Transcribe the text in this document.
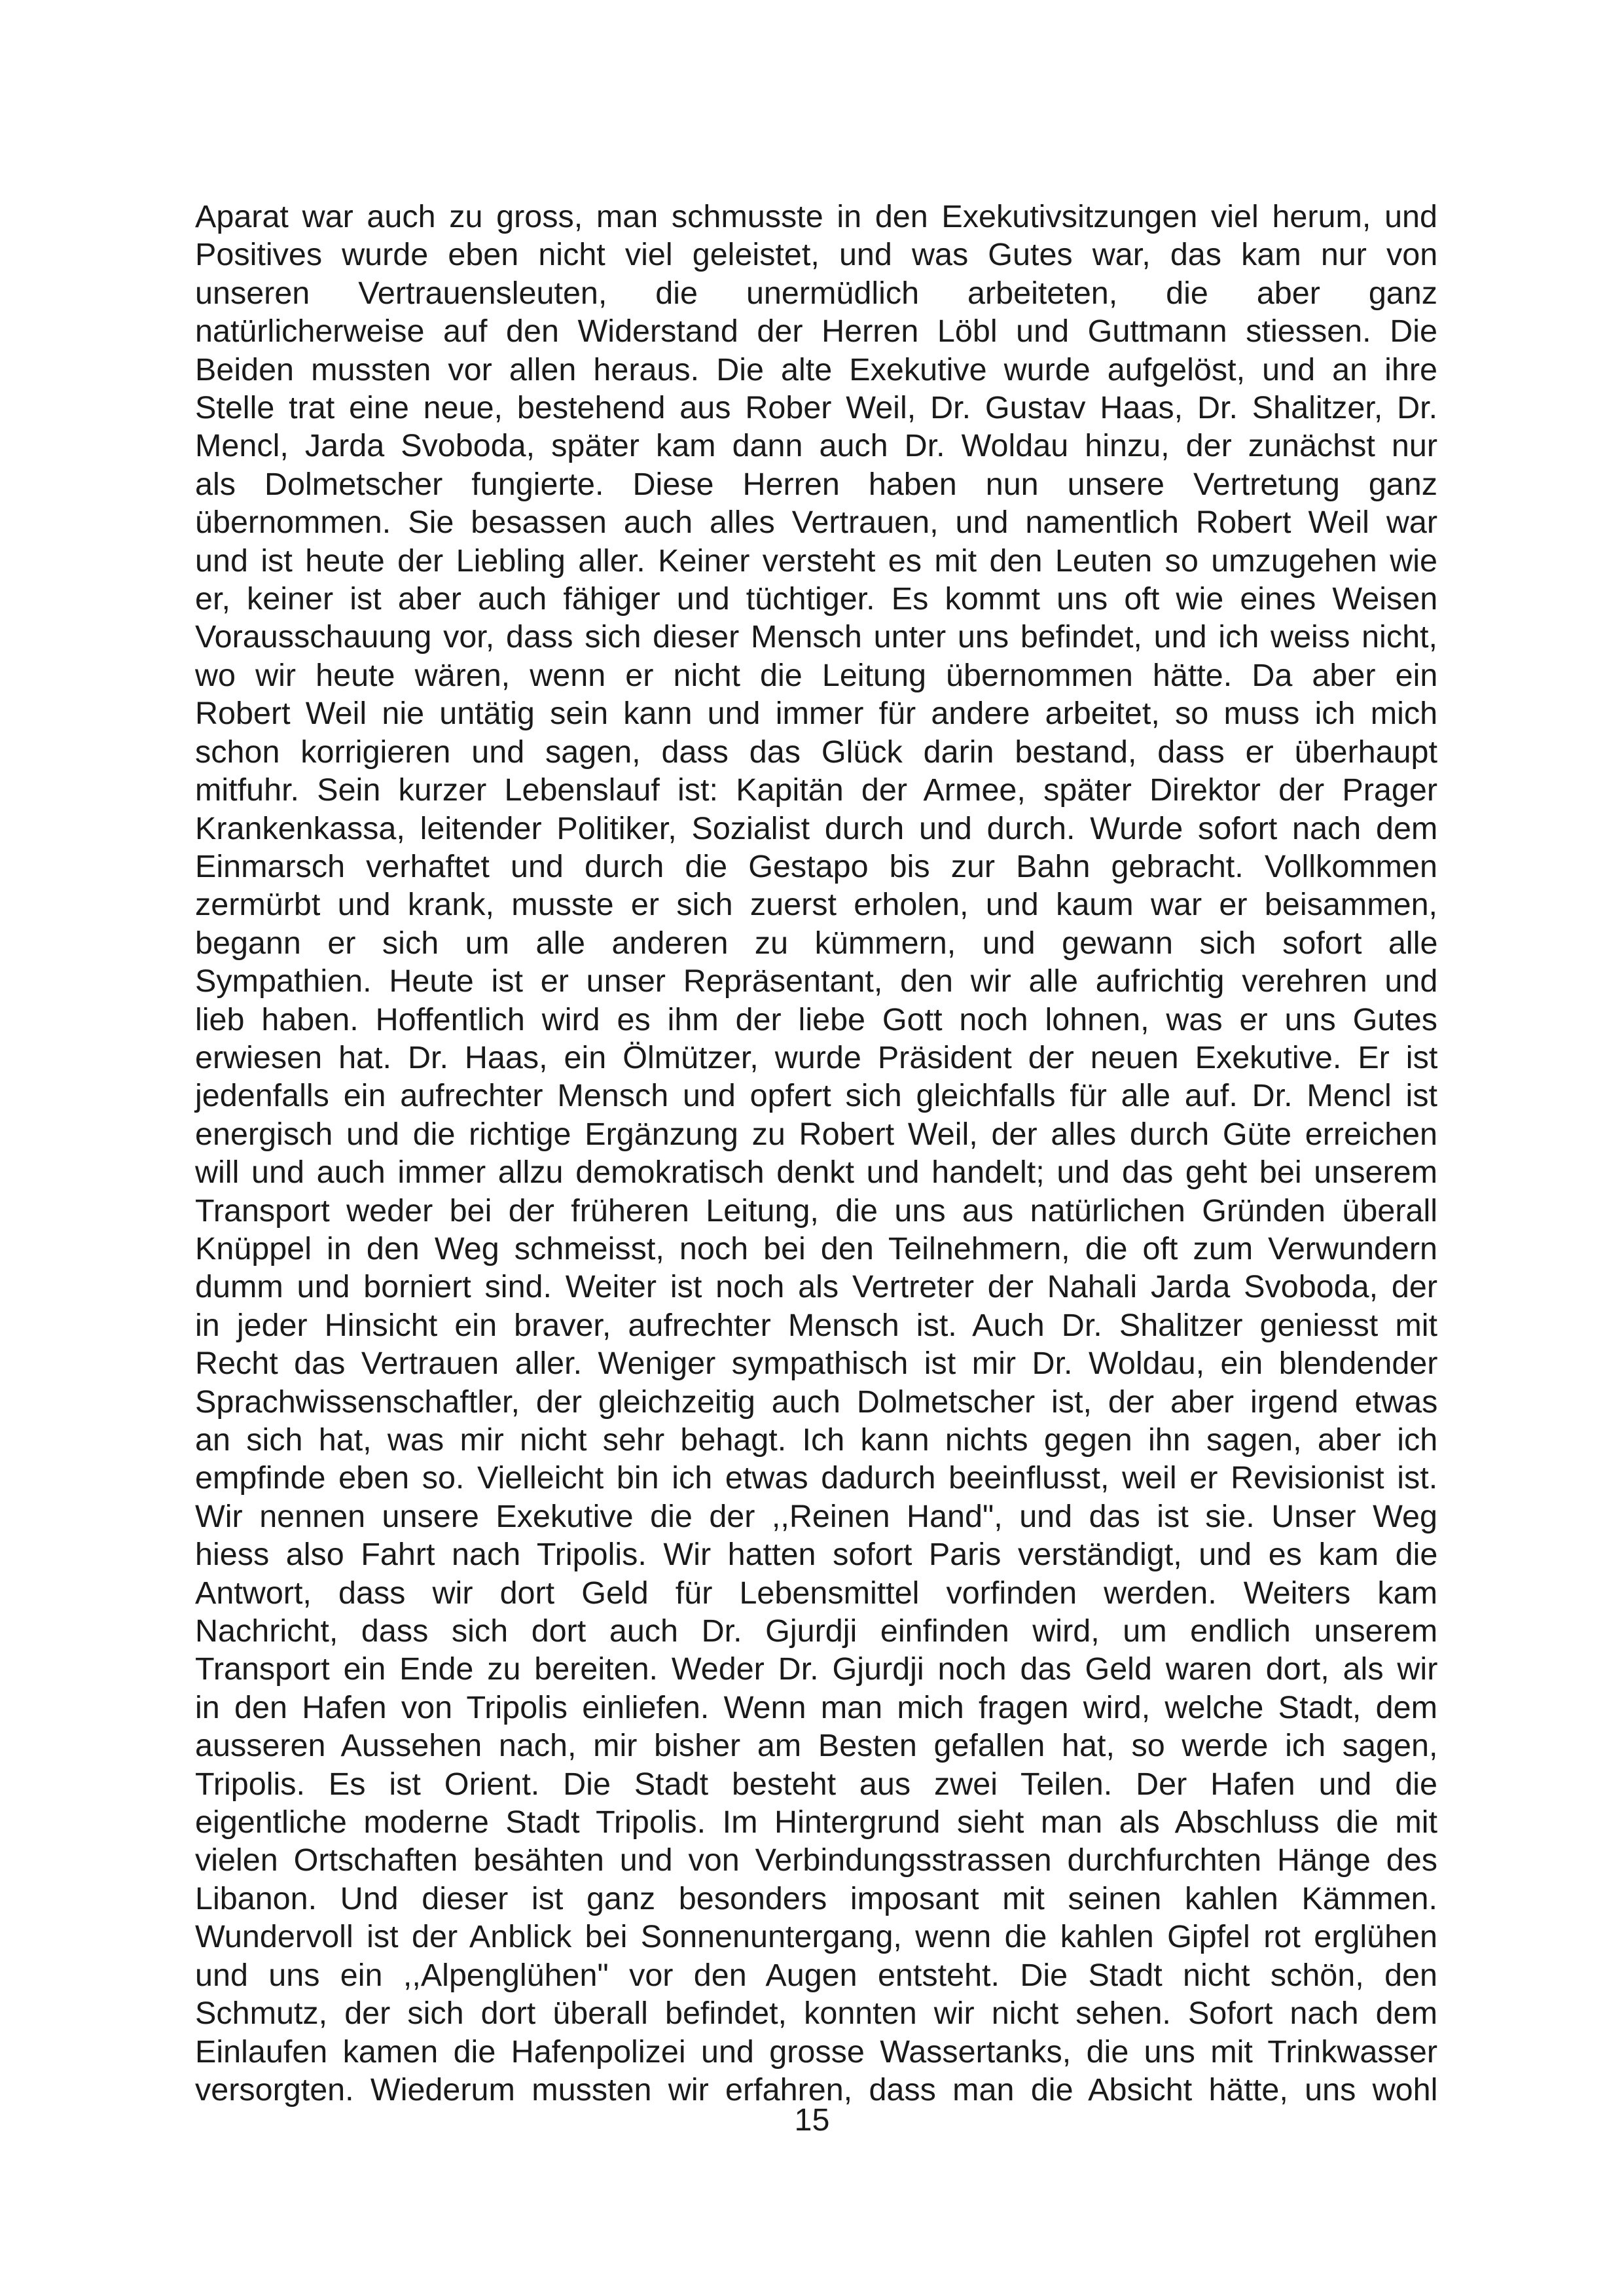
Aparat war auch zu gross, man schmusste in den Exekutivsitzungen viel herum, und
Positives wurde eben nicht viel geleistet, und was Gutes war, das kam nur von
unseren Vertrauensleuten, die unermüdlich arbeiteten, die aber ganz
natürlicherweise auf den Widerstand der Herren Löbl und Guttmann stiessen. Die
Beiden mussten vor allen heraus. Die alte Exekutive wurde aufgelöst, und an ihre
Stelle trat eine neue, bestehend aus Rober Weil, Dr. Gustav Haas, Dr. Shalitzer, Dr.
Mencl, Jarda Svoboda, später kam dann auch Dr. Woldau hinzu, der zunächst nur
als Dolmetscher fungierte. Diese Herren haben nun unsere Vertretung ganz
übernommen. Sie besassen auch alles Vertrauen, und namentlich Robert Weil war
und ist heute der Liebling aller. Keiner versteht es mit den Leuten so umzugehen wie
er, keiner ist aber auch fähiger und tüchtiger. Es kommt uns oft wie eines Weisen
Vorausschauung vor, dass sich dieser Mensch unter uns befindet, und ich weiss nicht,
wo wir heute wären, wenn er nicht die Leitung übernommen hätte. Da aber ein
Robert Weil nie untätig sein kann und immer für andere arbeitet, so muss ich mich
schon korrigieren und sagen, dass das Glück darin bestand, dass er überhaupt
mitfuhr. Sein kurzer Lebenslauf ist: Kapitän der Armee, später Direktor der Prager
Krankenkassa, leitender Politiker, Sozialist durch und durch. Wurde sofort nach dem
Einmarsch verhaftet und durch die Gestapo bis zur Bahn gebracht. Vollkommen
zermürbt und krank, musste er sich zuerst erholen, und kaum war er beisammen,
begann er sich um alle anderen zu kümmern, und gewann sich sofort alle
Sympathien. Heute ist er unser Repräsentant, den wir alle aufrichtig verehren und
lieb haben. Hoffentlich wird es ihm der liebe Gott noch lohnen, was er uns Gutes
erwiesen hat. Dr. Haas, ein Ölmützer, wurde Präsident der neuen Exekutive. Er ist
jedenfalls ein aufrechter Mensch und opfert sich gleichfalls für alle auf. Dr. Mencl ist
energisch und die richtige Ergänzung zu Robert Weil, der alles durch Güte erreichen
will und auch immer allzu demokratisch denkt und handelt; und das geht bei unserem
Transport weder bei der früheren Leitung, die uns aus natürlichen Gründen überall
Knüppel in den Weg schmeisst, noch bei den Teilnehmern, die oft zum Verwundern
dumm und borniert sind. Weiter ist noch als Vertreter der Nahali Jarda Svoboda, der
in jeder Hinsicht ein braver, aufrechter Mensch ist. Auch Dr. Shalitzer geniesst mit
Recht das Vertrauen aller. Weniger sympathisch ist mir Dr. Woldau, ein blendender
Sprachwissenschaftler, der gleichzeitig auch Dolmetscher ist, der aber irgend etwas
an sich hat, was mir nicht sehr behagt. Ich kann nichts gegen ihn sagen, aber ich
empfinde eben so. Vielleicht bin ich etwas dadurch beeinflusst, weil er Revisionist ist.
Wir nennen unsere Exekutive die der ,,Reinen Hand", und das ist sie. Unser Weg
hiess also Fahrt nach Tripolis. Wir hatten sofort Paris verständigt, und es kam die
Antwort, dass wir dort Geld für Lebensmittel vorfinden werden. Weiters kam
Nachricht, dass sich dort auch Dr. Gjurdji einfinden wird, um endlich unserem
Transport ein Ende zu bereiten. Weder Dr. Gjurdji noch das Geld waren dort, als wir
in den Hafen von Tripolis einliefen. Wenn man mich fragen wird, welche Stadt, dem
ausseren Aussehen nach, mir bisher am Besten gefallen hat, so werde ich sagen,
Tripolis. Es ist Orient. Die Stadt besteht aus zwei Teilen. Der Hafen und die
eigentliche moderne Stadt Tripolis. Im Hintergrund sieht man als Abschluss die mit
vielen Ortschaften besähten und von Verbindungsstrassen durchfurchten Hänge des
Libanon. Und dieser ist ganz besonders imposant mit seinen kahlen Kämmen.
Wundervoll ist der Anblick bei Sonnenuntergang, wenn die kahlen Gipfel rot erglühen
und uns ein ,,Alpenglühen" vor den Augen entsteht. Die Stadt nicht schön, den
Schmutz, der sich dort überall befindet, konnten wir nicht sehen. Sofort nach dem
Einlaufen kamen die Hafenpolizei und grosse Wassertanks, die uns mit Trinkwasser
versorgten. Wiederum mussten wir erfahren, dass man die Absicht hätte, uns wohl
15
